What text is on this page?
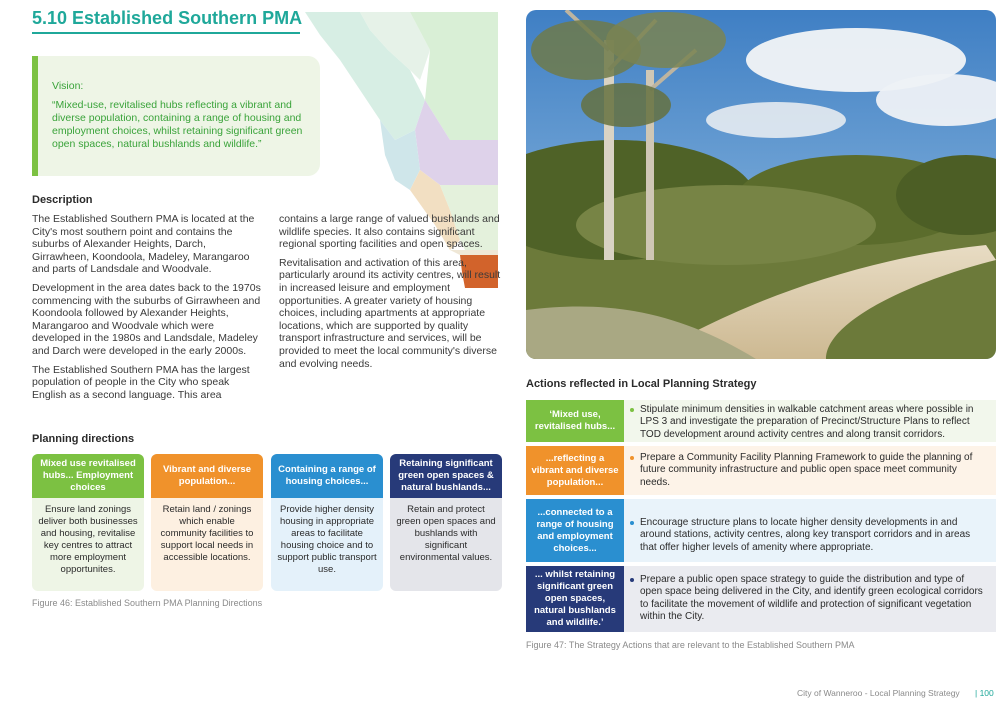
5.10 Established Southern PMA
Vision:
“Mixed-use, revitalised hubs reflecting a vibrant and diverse population, containing a range of housing and employment choices, whilst retaining significant green open spaces, natural bushlands and wildlife.”
Description

The Established Southern PMA is located at the City's most southern point and contains the suburbs of Alexander Heights, Darch, Girrawheen, Koondoola, Madeley, Marangaroo and parts of Landsdale and Woodvale.

Development in the area dates back to the 1970s commencing with the suburbs of Girrawheen and Koondoola followed by Alexander Heights, Marangaroo and Woodvale which were developed in the 1980s and Landsdale, Madeley and Darch were developed in the early 2000s.

The Established Southern PMA has the largest population of people in the City who speak English as a second language. This area

contains a large range of valued bushlands and wildlife species. It also contains significant regional sporting facilities and open spaces.

Revitalisation and activation of this area, particularly around its activity centres, will result in increased leisure and employment opportunities. A greater variety of housing choices, including apartments at appropriate locations, which are supported by quality transport infrastructure and services, will be provided to meet the local community's diverse and evolving needs.

Planning directions
Mixed use revitalised hubs... Employment choices
Ensure land zonings deliver both businesses and housing, revitalise key centres to attract more employment opportunites.
Vibrant and diverse population...
Retain land / zonings which enable community facilities to support local needs in accessible locations.
Containing a range of housing choices...
Provide higher density housing in appropriate areas to facilitate housing choice and to support public transport use.
Retaining significant green open spaces & natural bushlands...
Retain and protect green open spaces and bushlands with significant environmental values.
Figure 46: Established Southern PMA Planning Directions
Actions reflected in Local Planning Strategy
‘Mixed use, revitalised hubs...
Stipulate minimum densities in walkable catchment areas where possible in LPS 3 and investigate the preparation of Precinct/Structure Plans to reflect TOD development around activity centres and along transit corridors.
...reflecting a vibrant and diverse population...
Prepare a Community Facility Planning Framework to guide the planning of future community infrastructure and public open space meet community needs.
...connected to a range of housing and employment choices...
Encourage structure plans to locate higher density developments in and around stations, activity centres, along key transport corridors and in areas that offer higher levels of amenity where appropriate.
... whilst retaining significant green open spaces, natural bushlands and wildlife.’
Prepare a public open space strategy to guide the distribution and type of open space being delivered in the City, and identify green ecological corridors to facilitate the movement of wildlife and protection of significant vegetation within the City.
Figure 47: The Strategy Actions that are relevant to the Established Southern PMA
City of Wanneroo - Local Planning Strategy | 100
